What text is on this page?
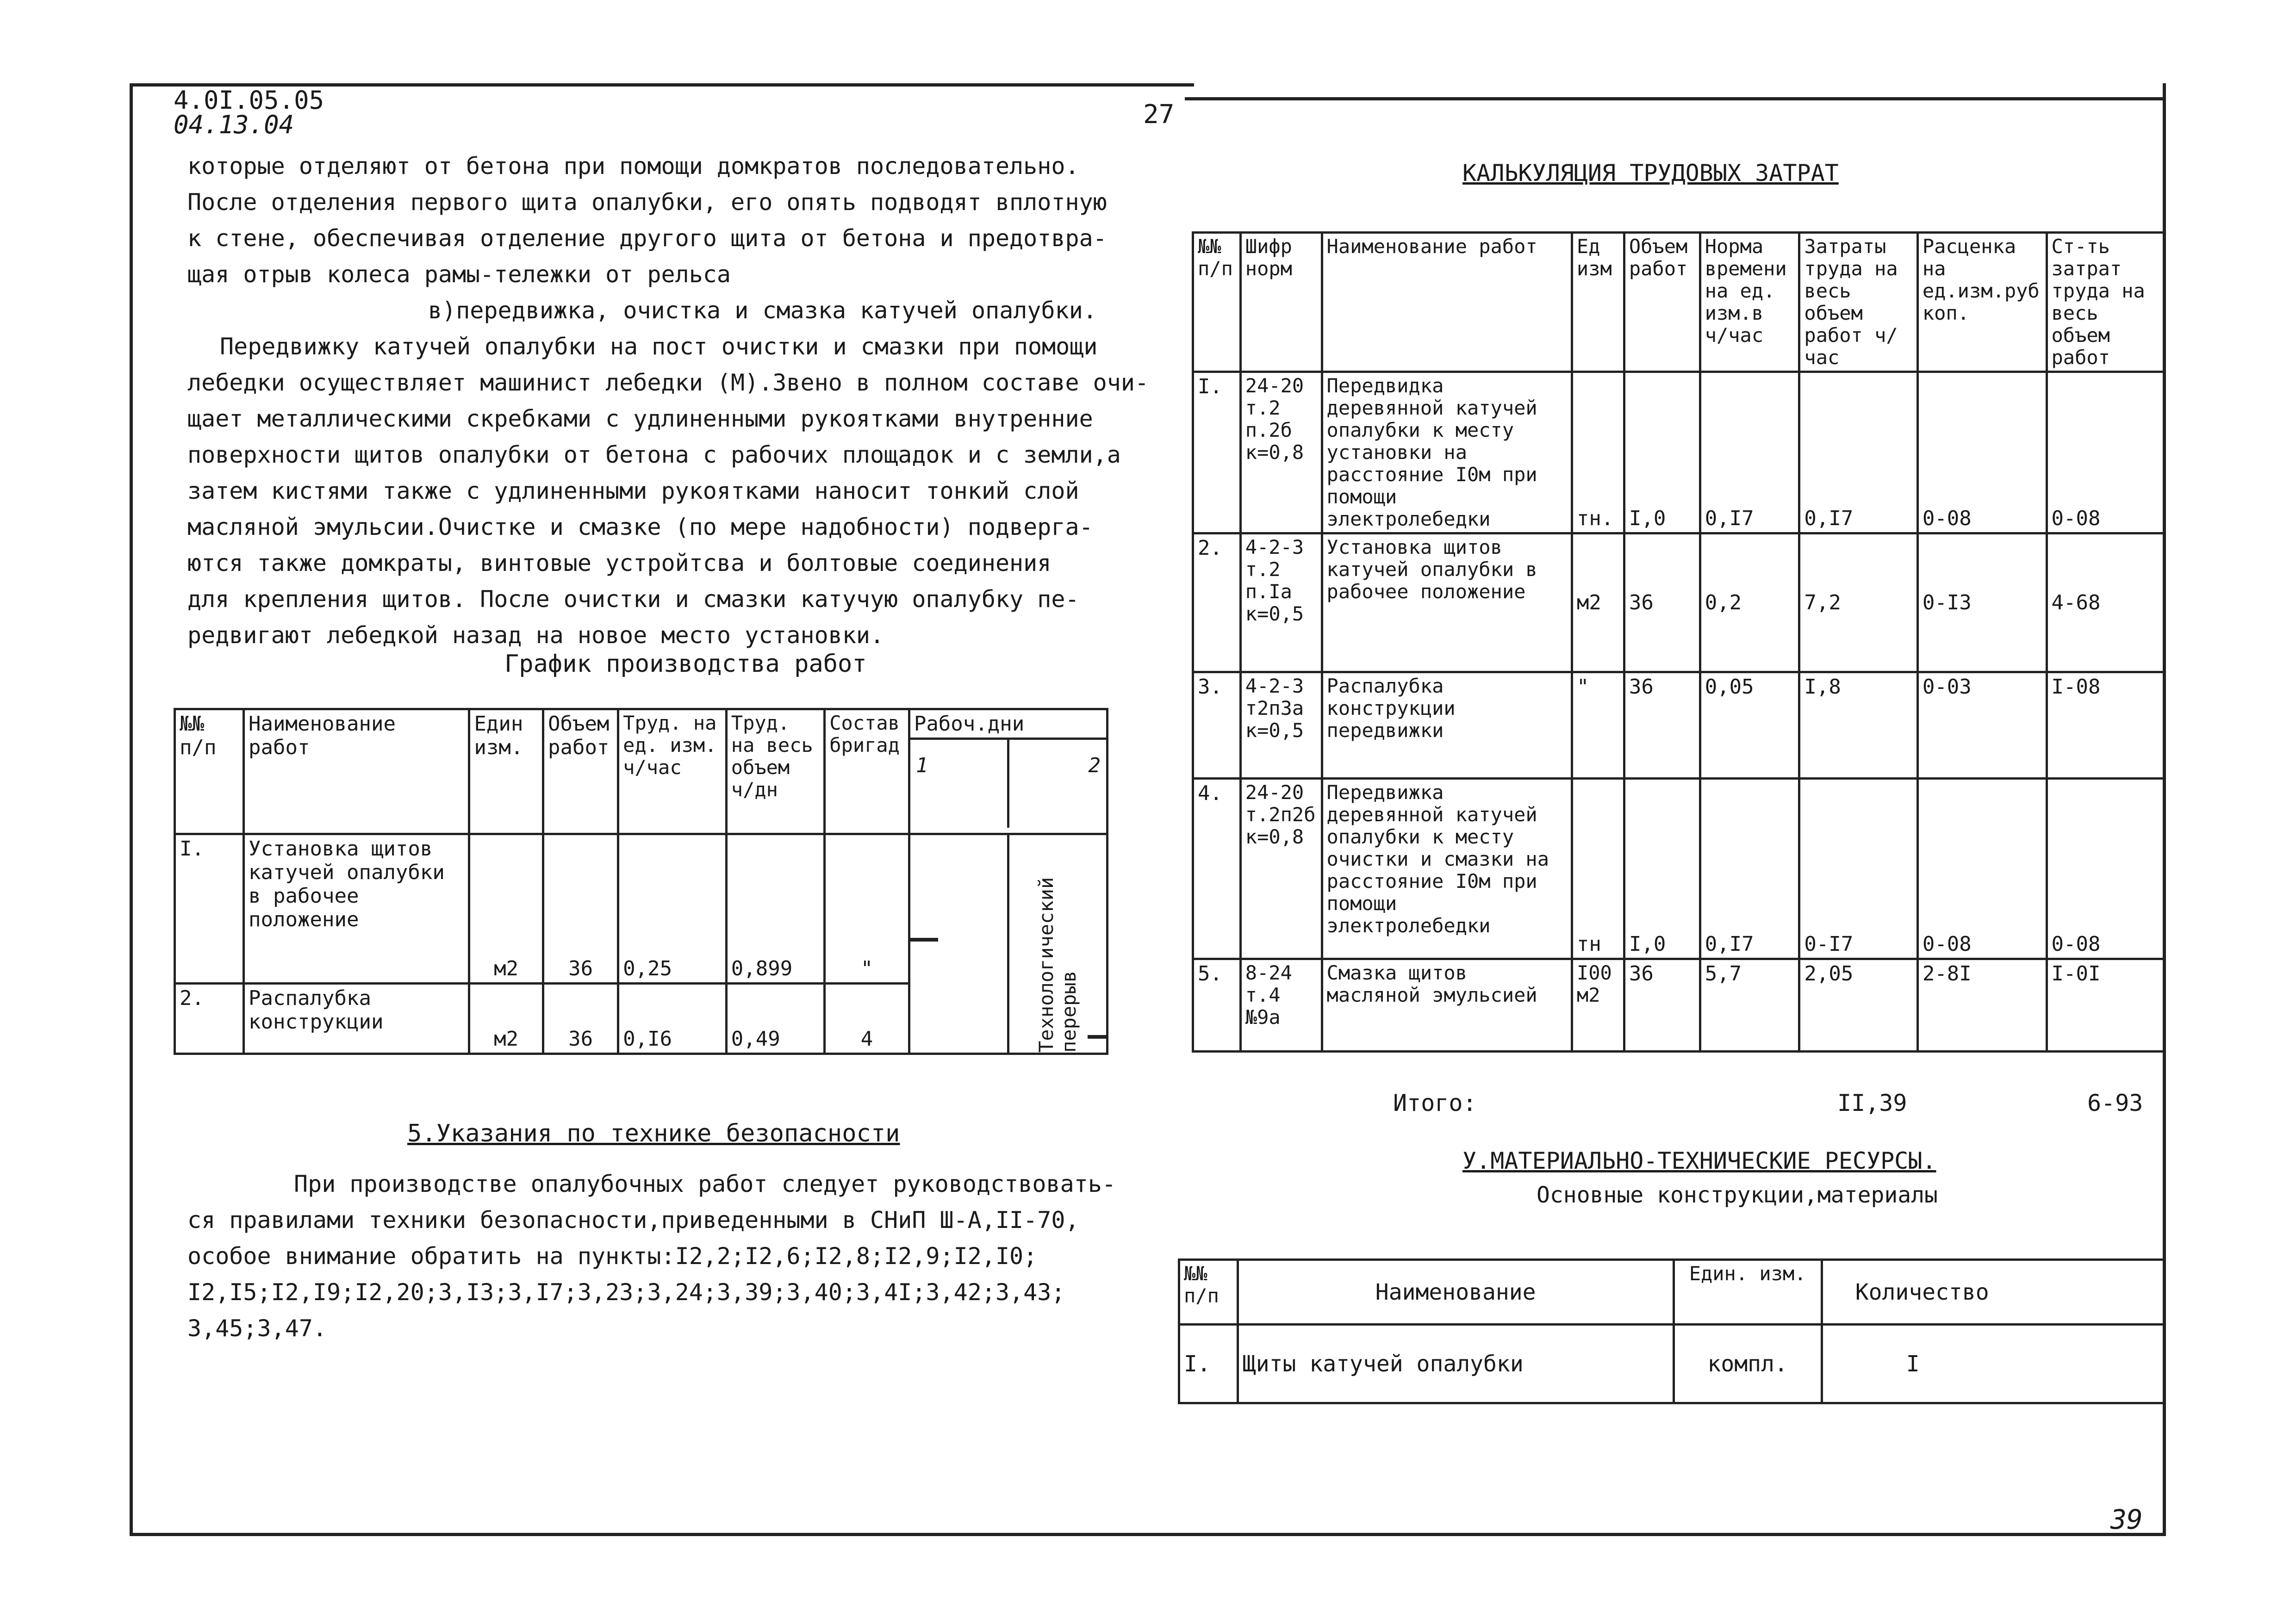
4.0I.05.05
04.13.04	27
39

которые отделяют от бетона при помощи домкратов последовательно.

После отделения первого щита опалубки, его опять подводят вплотную

к стене, обеспечивая отделение другого щита от бетона и предотвра-

щая отрыв колеса рамы-тележки от рельса

в)передвижка, очистка и смазка катучей опалубки.

Передвижку катучей опалубки на пост очистки и смазки при помощи

лебедки осуществляет машинист лебедки (М).Звено в полном составе очи-

щает металлическими скребками с удлиненными рукоятками внутренние

поверхности щитов опалубки от бетона с рабочих площадок и с земли,а

затем кистями также с удлиненными рукоятками наносит тонкий слой

масляной эмульсии.Очистке и смазке (по мере надобности) подверга-

ются также домкраты, винтовые устройтсва и болтовые соединения

для крепления щитов. После очистки и смазки катучую опалубку пе-

редвигают лебедкой назад на новое место установки.

График производства работ
№№ п/п	Наименование работ	Един изм.	Объем работ	Труд. на ед. изм. ч/час	Труд. на весь объем ч/дн	Состав бригад	Рабоч.дни
1 2

I.	Установка щитов катучей опалубки в рабочее положение	м2	36	0,25	0,899	"	Технологический перерыв

2.	Распалубка конструкции	м2	36	0,I6	0,49	4	
5.Указания по технике безопасности

При производстве опалубочных работ следует руководствовать-

ся правилами техники безопасности,приведенными в СНиП Ш-А,II-70,

особое внимание обратить на пункты:I2,2;I2,6;I2,8;I2,9;I2,I0;

I2,I5;I2,I9;I2,20;3,I3;3,I7;3,23;3,24;3,39;3,40;3,4I;3,42;3,43;

3,45;3,47.

КАЛЬКУЛЯЦИЯ ТРУДОВЫХ ЗАТРАТ
№№ п/п	Шифр норм	Наименование работ	Ед изм	Объем работ	Норма времени на ед. изм.в ч/час	Затраты труда на весь объем работ ч/час	Расценка на ед.изм.руб коп.	Ст-ть затрат труда на весь объем работ
I.	24-20 т.2 п.2б к=0,8	Передвидка деревянной катучей опалубки к месту установки на расстояние I0м при помощи электролебедки	тн.	I,0	0,I7	0,I7	0-08	0-08
2.	4-2-3 т.2 п.Iа к=0,5	Установка щитов катучей опалубки в рабочее положение	м2	36	0,2	7,2	0-I3	4-68
3.	4-2-3 т2п3а к=0,5	Распалубка конструкции передвижки	"	36	0,05	I,8	0-03	I-08
4.	24-20 т.2п2б к=0,8	Передвижка деревянной катучей опалубки к месту очистки и смазки на расстояние I0м при помощи электролебедки	тн	I,0	0,I7	0-I7	0-08	0-08
5.	8-24 т.4 №9а	Смазка щитов масляной эмульсией	I00 м2	36	5,7	2,05	2-8I	I-0I
Итого:	II,39	6-93
У.МАТЕРИАЛЬНО-ТЕХНИЧЕСКИЕ РЕСУРСЫ.
Основные конструкции,материалы
№№ п/п	Наименование	Един. изм.	Количество
I.	Щиты катучей опалубки	компл.	I
